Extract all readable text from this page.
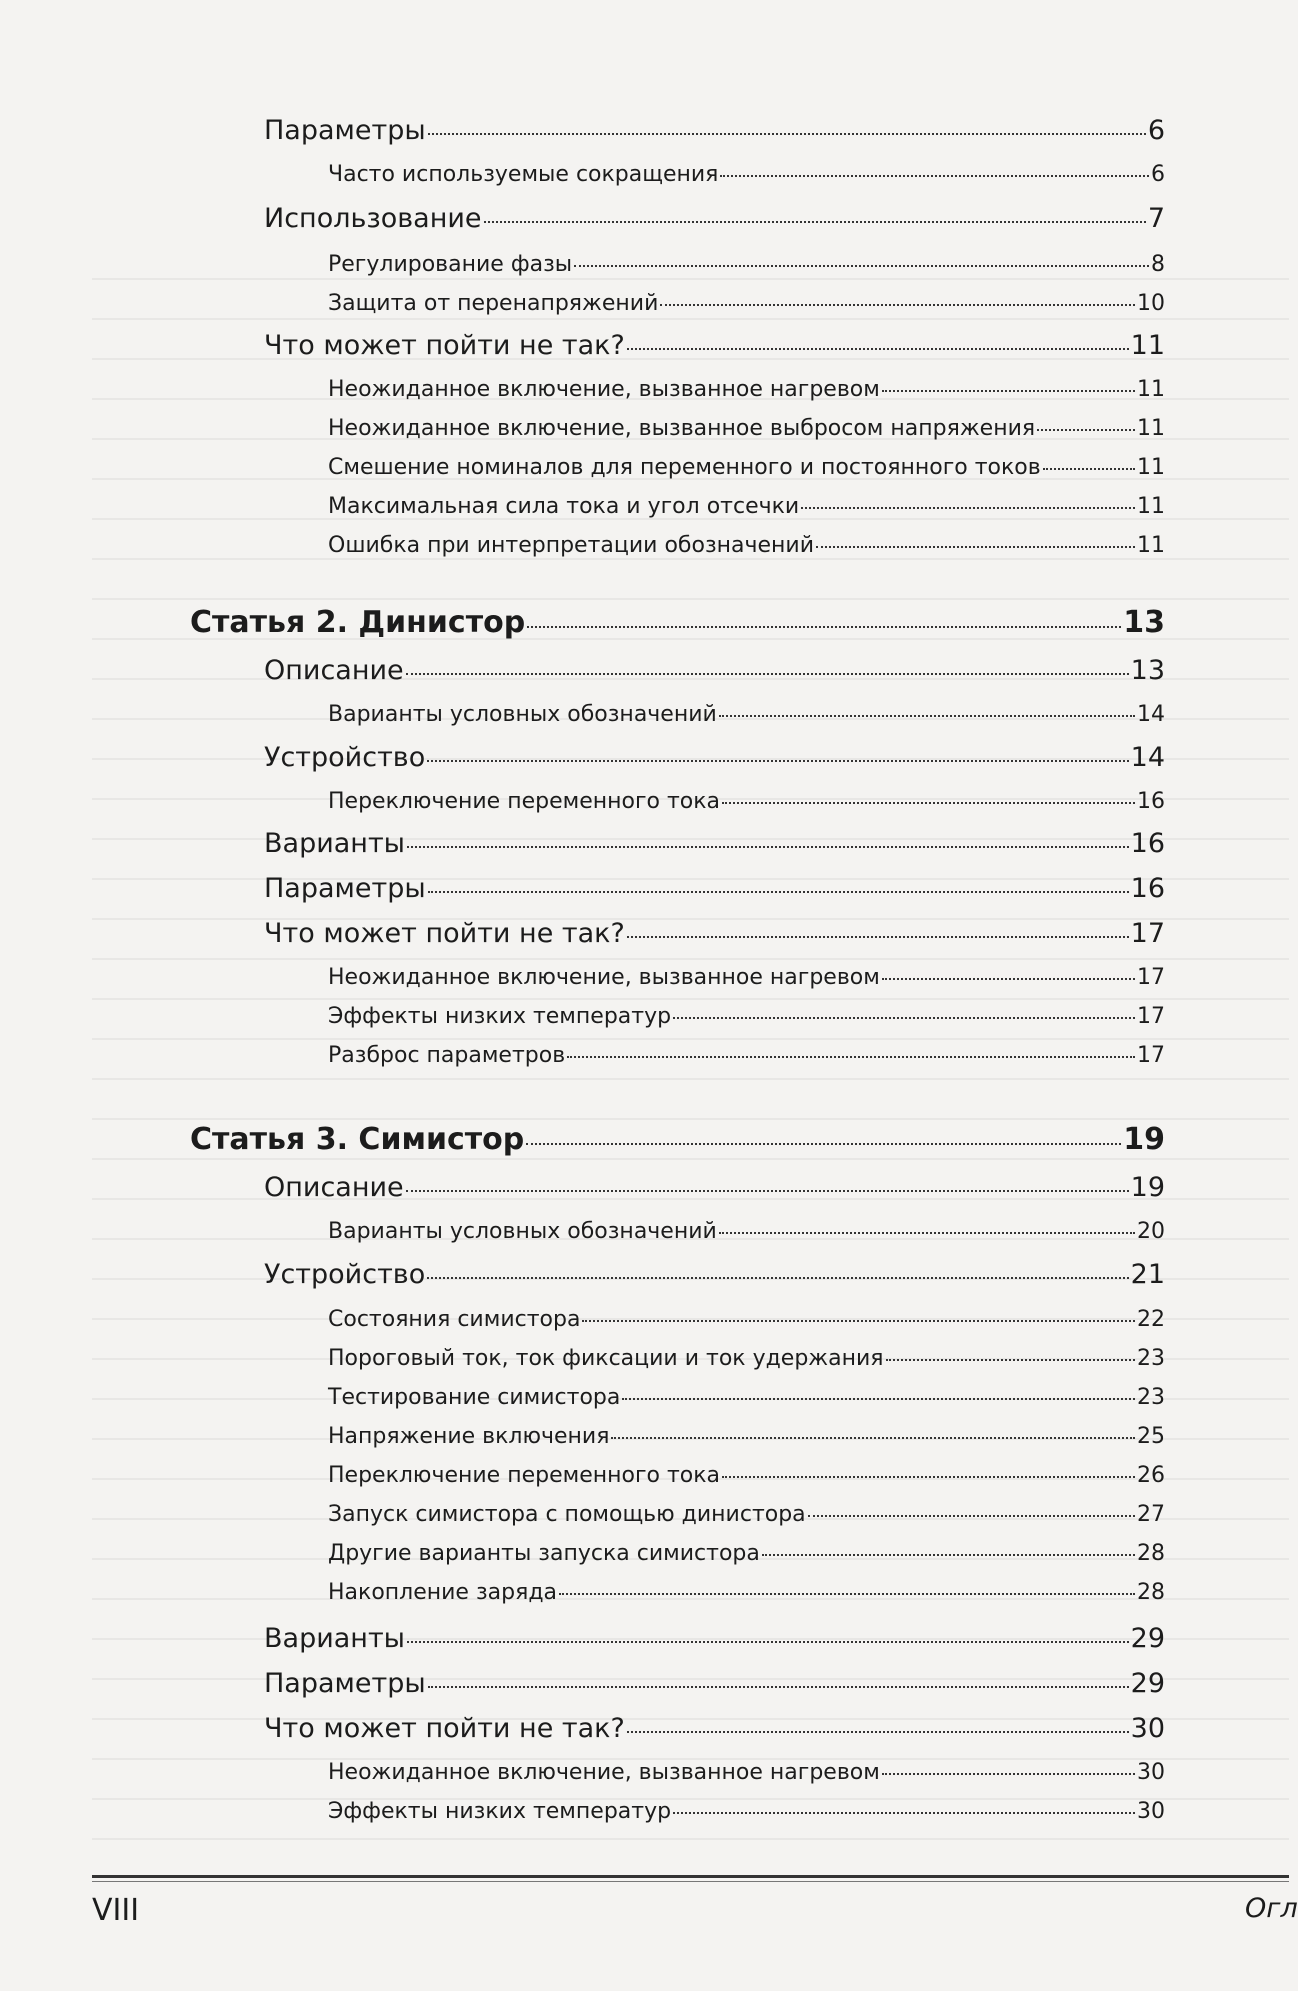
Параметры	6
Часто используемые сокращения	6
Использование	7
Регулирование фазы	8
Защита от перенапряжений	10
Что может пойти не так?	11
Неожиданное включение, вызванное нагревом	11
Неожиданное включение, вызванное выбросом напряжения	11
Смешение номиналов для переменного и постоянного токов	11
Максимальная сила тока и угол отсечки	11
Ошибка при интерпретации обозначений	11
Статья 2. Динистор	13
Описание	13
Варианты условных обозначений	14
Устройство	14
Переключение переменного тока	16
Варианты	16
Параметры	16
Что может пойти не так?	17
Неожиданное включение, вызванное нагревом	17
Эффекты низких температур	17
Разброс параметров	17
Статья 3. Симистор	19
Описание	19
Варианты условных обозначений	20
Устройство	21
Состояния симистора	22
Пороговый ток, ток фиксации и ток удержания	23
Тестирование симистора	23
Напряжение включения	25
Переключение переменного тока	26
Запуск симистора с помощью динистора	27
Другие варианты запуска симистора	28
Накопление заряда	28
Варианты	29
Параметры	29
Что может пойти не так?	30
Неожиданное включение, вызванное нагревом	30
Эффекты низких температур	30
VIII	Огл
